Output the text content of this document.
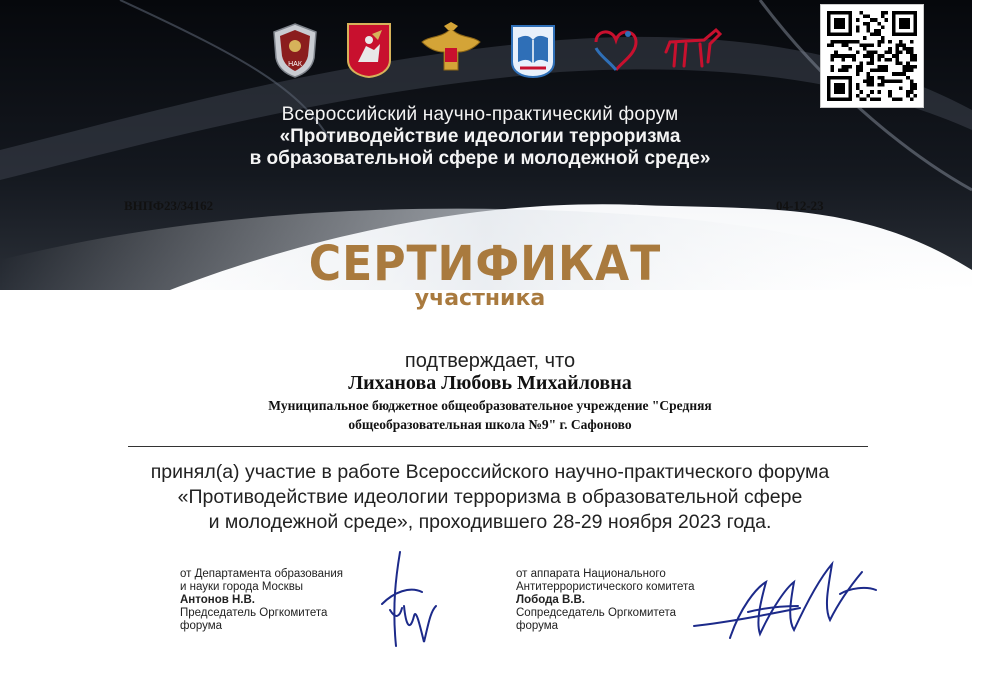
НАК
Всероссийский научно-практический форум
«Противодействие идеологии терроризма
в образовательной сфере и молодежной среде»
ВНПФ23/34162	04-12-23
СЕРТИФИКАТ
участника
подтверждает, что
Лиханова Любовь Михайловна
Муниципальное бюджетное общеобразовательное учреждение "Средняя
общеобразовательная школа №9" г. Сафоново
принял(а) участие в работе Всероссийского научно-практического форума
«Противодействие идеологии терроризма в образовательной сфере
и молодежной среде», проходившего 28-29 ноября 2023 года.
от Департамента образования
и науки города Москвы
Антонов Н.В.
Председатель Оргкомитета
форума
от аппарата Национального
Антитеррористического комитета
Лобода В.В.
Сопредседатель Оргкомитета
форума
